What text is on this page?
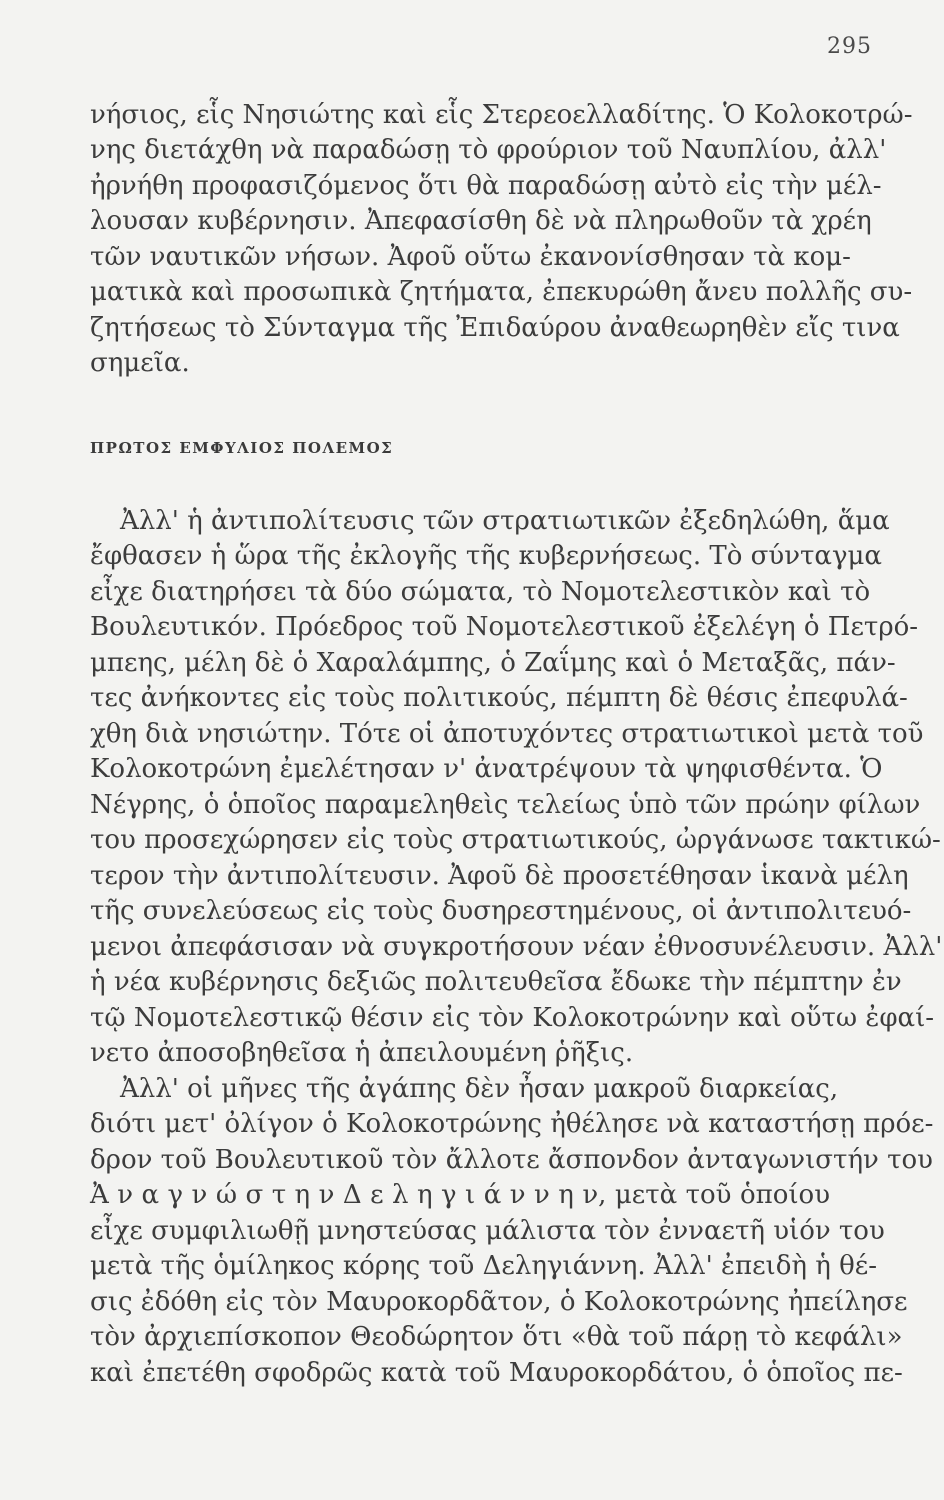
295
νήσιος, εἷς Νησιώτης καὶ εἷς Στερεοελλαδίτης. Ὁ Κολοκοτρώ-
νης διετάχθη νὰ παραδώσῃ τὸ φρούριον τοῦ Ναυπλίου, ἀλλ'
ἠρνήθη προφασιζόμενος ὅτι θὰ παραδώσῃ αὐτὸ εἰς τὴν μέλ-
λουσαν κυβέρνησιν. Ἀπεφασίσθη δὲ νὰ πληρωθοῦν τὰ χρέη
τῶν ναυτικῶν νήσων. Ἀφοῦ οὕτω ἐκανονίσθησαν τὰ κομ-
ματικὰ καὶ προσωπικὰ ζητήματα, ἐπεκυρώθη ἄνευ πολλῆς συ-
ζητήσεως τὸ Σύνταγμα τῆς Ἐπιδαύρου ἀναθεωρηθὲν εἴς τινα
σημεῖα.
ΠΡΩΤΟΣ ΕΜΦΥΛΙΟΣ ΠΟΛΕΜΟΣ
Ἀλλ' ἡ ἀντιπολίτευσις τῶν στρατιωτικῶν ἐξεδηλώθη, ἅμα
ἔφθασεν ἡ ὥρα τῆς ἐκλογῆς τῆς κυβερνήσεως. Τὸ σύνταγμα
εἶχε διατηρήσει τὰ δύο σώματα, τὸ Νομοτελεστικὸν καὶ τὸ
Βουλευτικόν. Πρόεδρος τοῦ Νομοτελεστικοῦ ἐξελέγη ὁ Πετρό-
μπεης, μέλη δὲ ὁ Χαραλάμπης, ὁ Ζαΐμης καὶ ὁ Μεταξᾶς, πάν-
τες ἀνήκοντες εἰς τοὺς πολιτικούς, πέμπτη δὲ θέσις ἐπεφυλά-
χθη διὰ νησιώτην. Τότε οἱ ἀποτυχόντες στρατιωτικοὶ μετὰ τοῦ
Κολοκοτρώνη ἐμελέτησαν ν' ἀνατρέψουν τὰ ψηφισθέντα. Ὁ
Νέγρης, ὁ ὁποῖος παραμεληθεὶς τελείως ὑπὸ τῶν πρώην φίλων
του προσεχώρησεν εἰς τοὺς στρατιωτικούς, ὠργάνωσε τακτικώ-
τερον τὴν ἀντιπολίτευσιν. Ἀφοῦ δὲ προσετέθησαν ἱκανὰ μέλη
τῆς συνελεύσεως εἰς τοὺς δυσηρεστημένους, οἱ ἀντιπολιτευό-
μενοι ἀπεφάσισαν νὰ συγκροτήσουν νέαν ἐθνοσυνέλευσιν. Ἀλλ'
ἡ νέα κυβέρνησις δεξιῶς πολιτευθεῖσα ἔδωκε τὴν πέμπτην ἐν
τῷ Νομοτελεστικῷ θέσιν εἰς τὸν Κολοκοτρώνην καὶ οὕτω ἐφαί-
νετο ἀποσοβηθεῖσα ἡ ἀπειλουμένη ῥῆξις.
Ἀλλ' οἱ μῆνες τῆς ἀγάπης δὲν ἦσαν μακροῦ διαρκείας,
διότι μετ' ὀλίγον ὁ Κολοκοτρώνης ἠθέλησε νὰ καταστήσῃ πρόε-
δρον τοῦ Βουλευτικοῦ τὸν ἄλλοτε ἄσπονδον ἀνταγωνιστήν του
Ἀ ν α γ ν ώ σ τ η ν Δ ε λ η γ ι ά ν ν η ν, μετὰ τοῦ ὁποίου
εἶχε συμφιλιωθῇ μνηστεύσας μάλιστα τὸν ἐνναετῆ υἱόν του
μετὰ τῆς ὁμίληκος κόρης τοῦ Δεληγιάννη. Ἀλλ' ἐπειδὴ ἡ θέ-
σις ἐδόθη εἰς τὸν Μαυροκορδᾶτον, ὁ Κολοκοτρώνης ἠπείλησε
τὸν ἀρχιεπίσκοπον Θεοδώρητον ὅτι «θὰ τοῦ πάρῃ τὸ κεφάλι»
καὶ ἐπετέθη σφοδρῶς κατὰ τοῦ Μαυροκορδάτου, ὁ ὁποῖος πε-
